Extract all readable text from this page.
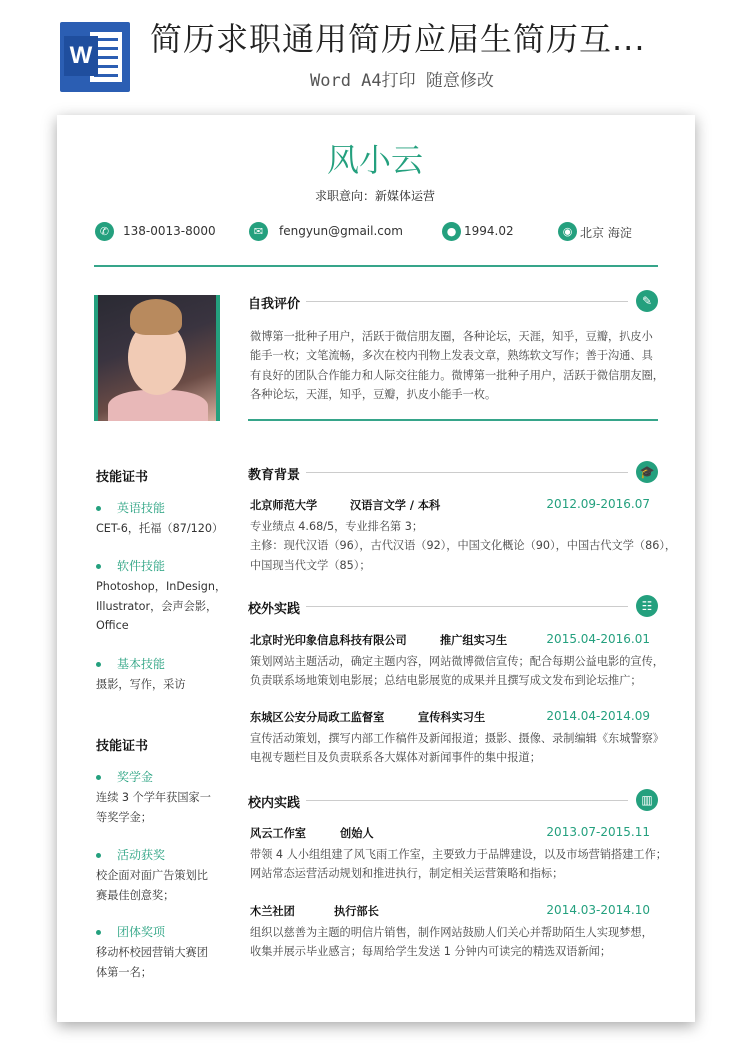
W 简历求职通用简历应届生简历互...
Word A4打印 随意修改
风小云
求职意向：新媒体运营
✆	138-0013-8000	✉	fengyun@gmail.com	● 1994.02	◉ 北京 海淀
自我评价	✎
微博第一批种子用户，活跃于微信朋友圈，各种论坛，天涯，知乎，豆瓣，扒皮小
能手一枚；文笔流畅，多次在校内刊物上发表文章，熟练软文写作；善于沟通、具
有良好的团队合作能力和人际交往能力。微博第一批种子用户，活跃于微信朋友圈，
各种论坛，天涯，知乎，豆瓣，扒皮小能手一枚。
教育背景	🎓
北京师范大学	汉语言文学 / 本科	2012.09-2016.07
专业绩点 4.68/5，专业排名第 3；
主修：现代汉语（96），古代汉语（92），中国文化概论（90），中国古代文学（86），
中国现当代文学（85）；
校外实践	☷
北京时光印象信息科技有限公司	推广组实习生	2015.04-2016.01
策划网站主题活动，确定主题内容，网站微博微信宣传；配合每期公益电影的宣传，
负责联系场地策划电影展；总结电影展览的成果并且撰写成文发布到论坛推广；
东城区公安分局政工监督室	宣传科实习生	2014.04-2014.09
宣传活动策划，撰写内部工作稿件及新闻报道；摄影、摄像、录制编辑《东城警察》
电视专题栏目及负责联系各大媒体对新闻事件的集中报道；
校内实践	▥
风云工作室	创始人	2013.07-2015.11
带领 4 人小组组建了风飞雨工作室，主要致力于品牌建设，以及市场营销搭建工作；
网站常态运营活动规划和推进执行，制定相关运营策略和指标；
木兰社团	执行部长	2014.03-2014.10
组织以慈善为主题的明信片销售，制作网站鼓励人们关心并帮助陌生人实现梦想，
收集并展示毕业感言；每周给学生发送 1 分钟内可读完的精选双语新闻；
技能证书
英语技能
CET-6，托福（87/120）
软件技能
Photoshop，InDesign，
Illustrator，会声会影，
Office
基本技能
摄影，写作，采访
技能证书
奖学金
连续 3 个学年获国家一
等奖学金；
活动获奖
校企面对面广告策划比
赛最佳创意奖；
团体奖项
移动杯校园营销大赛团
体第一名；
